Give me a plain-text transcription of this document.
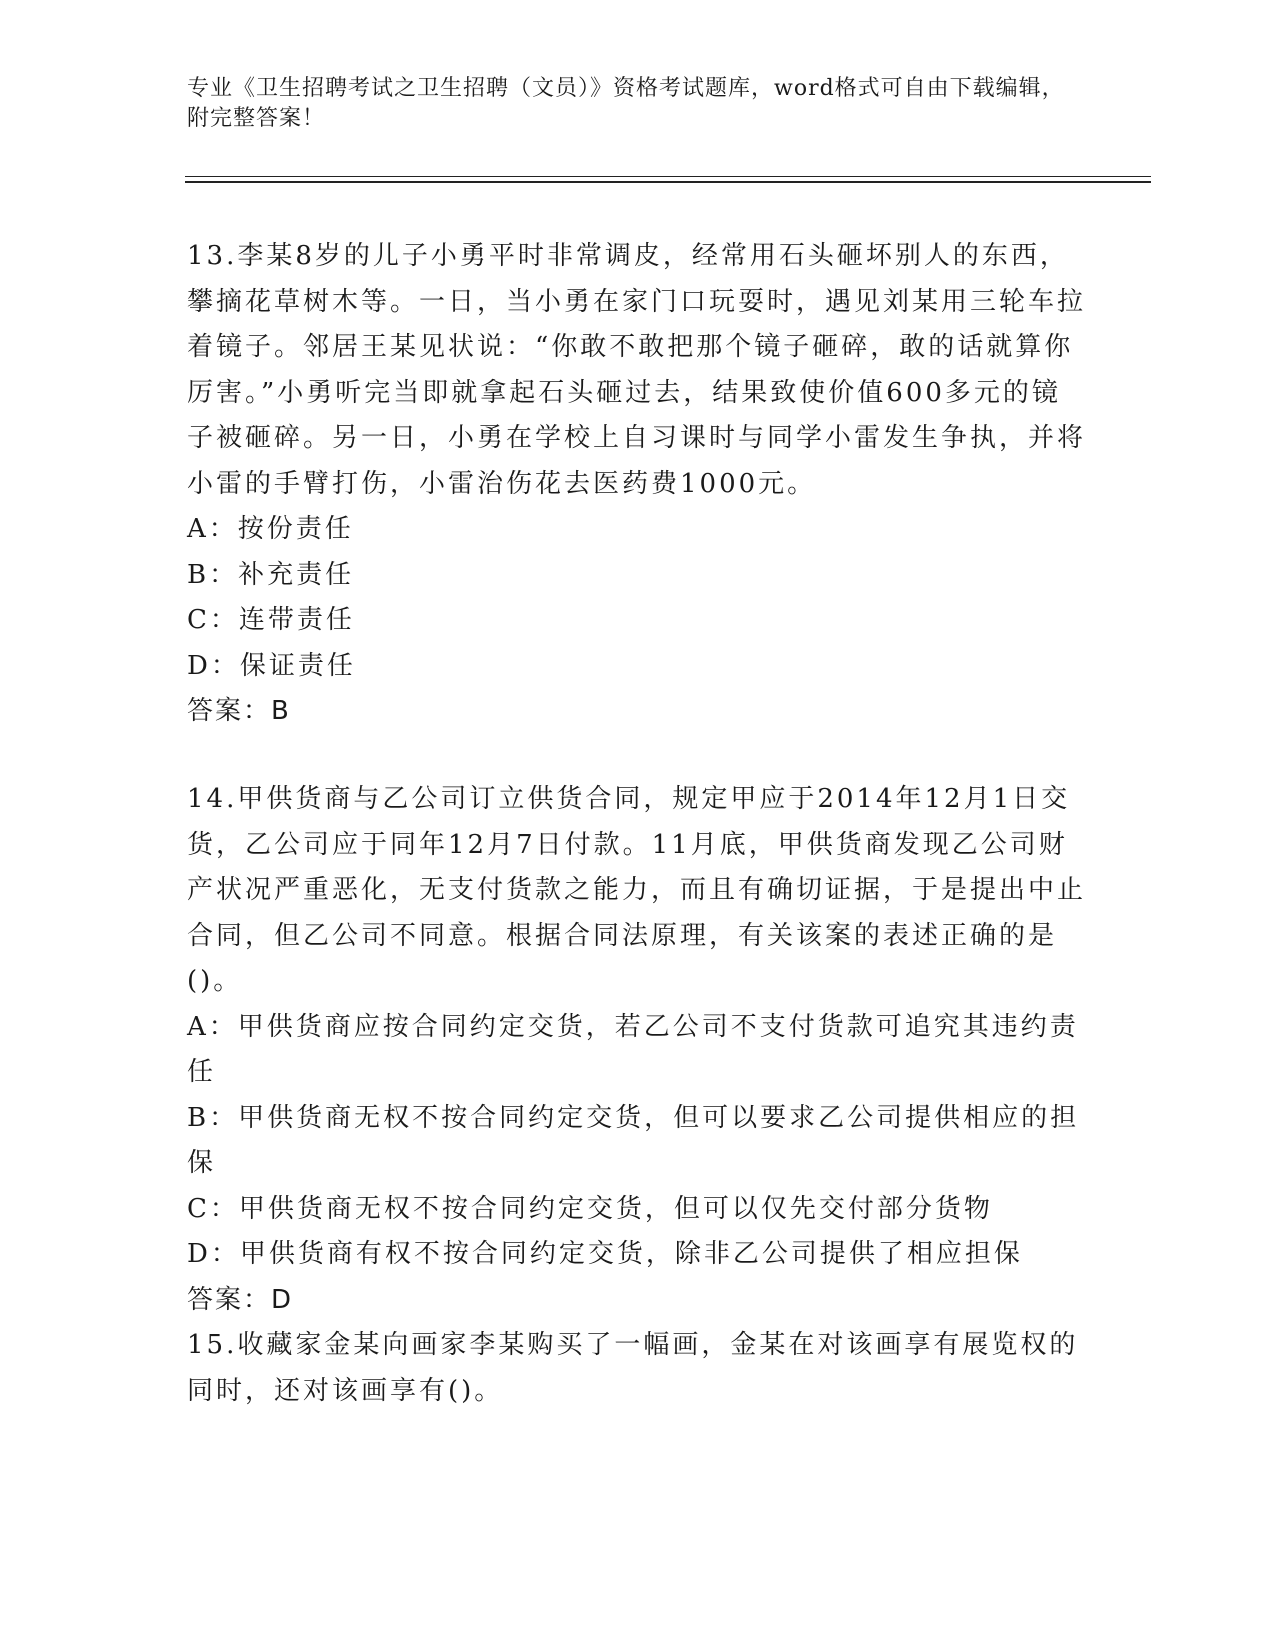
专业《卫生招聘考试之卫生招聘（文员）》资格考试题库，word格式可自由下载编辑，附完整答案！

13.李某8岁的儿子小勇平时非常调皮，经常用石头砸坏别人的东西，攀摘花草树木等。一日，当小勇在家门口玩耍时，遇见刘某用三轮车拉着镜子。邻居王某见状说：“你敢不敢把那个镜子砸碎，敢的话就算你厉害。”小勇听完当即就拿起石头砸过去，结果致使价值600多元的镜子被砸碎。另一日，小勇在学校上自习课时与同学小雷发生争执，并将小雷的手臂打伤，小雷治伤花去医药费1000元。

A：按份责任

B：补充责任

C：连带责任

D：保证责任

答案：B

14.甲供货商与乙公司订立供货合同，规定甲应于2014年12月1日交货，乙公司应于同年12月7日付款。11月底，甲供货商发现乙公司财产状况严重恶化，无支付货款之能力，而且有确切证据，于是提出中止合同，但乙公司不同意。根据合同法原理，有关该案的表述正确的是()。

A：甲供货商应按合同约定交货，若乙公司不支付货款可追究其违约责任

B：甲供货商无权不按合同约定交货，但可以要求乙公司提供相应的担保

C：甲供货商无权不按合同约定交货，但可以仅先交付部分货物

D：甲供货商有权不按合同约定交货，除非乙公司提供了相应担保

答案：D

15.收藏家金某向画家李某购买了一幅画，金某在对该画享有展览权的同时，还对该画享有()。
